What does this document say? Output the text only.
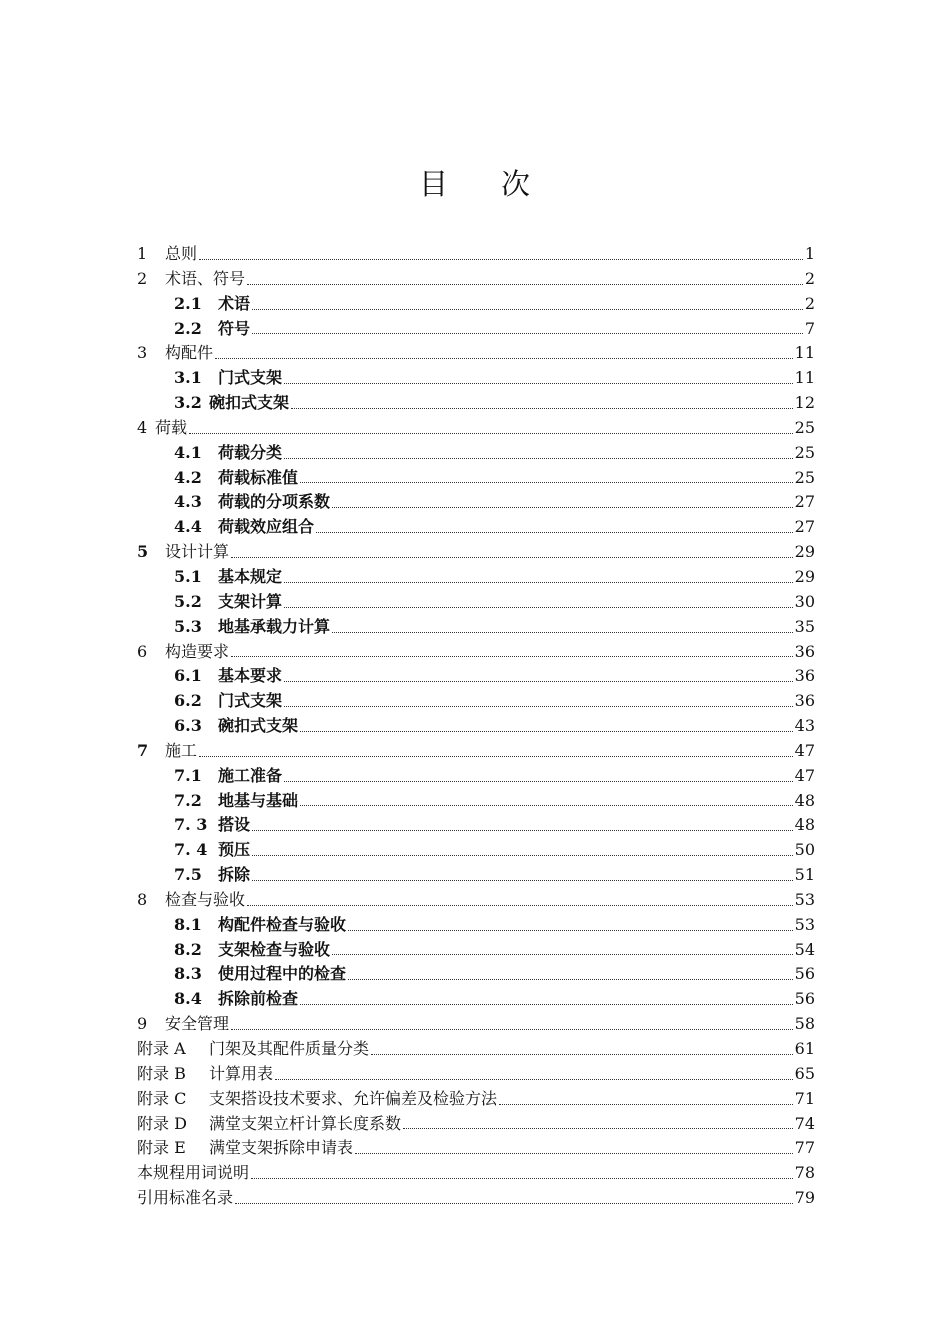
目 次
1	总则	1
2	术语、符号	2
2.1	术语	2
2.2	符号	7
3	构配件	11
3.1	门式支架	11
3.2 碗扣式支架	12
4 荷载	25
4.1	荷载分类	25
4.2	荷载标准值	25
4.3	荷载的分项系数	27
4.4	荷载效应组合	27
5	设计计算	29
5.1	基本规定	29
5.2	支架计算	30
5.3	地基承载力计算	35
6	构造要求	36
6.1	基本要求	36
6.2	门式支架	36
6.3	碗扣式支架	43
7	施工	47
7.1	施工准备	47
7.2	地基与基础	48
7. 3 搭设	48
7. 4 预压	50
7.5	拆除	51
8	检查与验收	53
8.1	构配件检查与验收	53
8.2	支架检查与验收	54
8.3	使用过程中的检查	56
8.4	拆除前检查	56
9	安全管理	58
附录 A	门架及其配件质量分类	61
附录 B	计算用表	65
附录 C	支架搭设技术要求、允许偏差及检验方法	71
附录 D	满堂支架立杆计算长度系数	74
附录 E	满堂支架拆除申请表	77
本规程用词说明	78
引用标准名录	79
